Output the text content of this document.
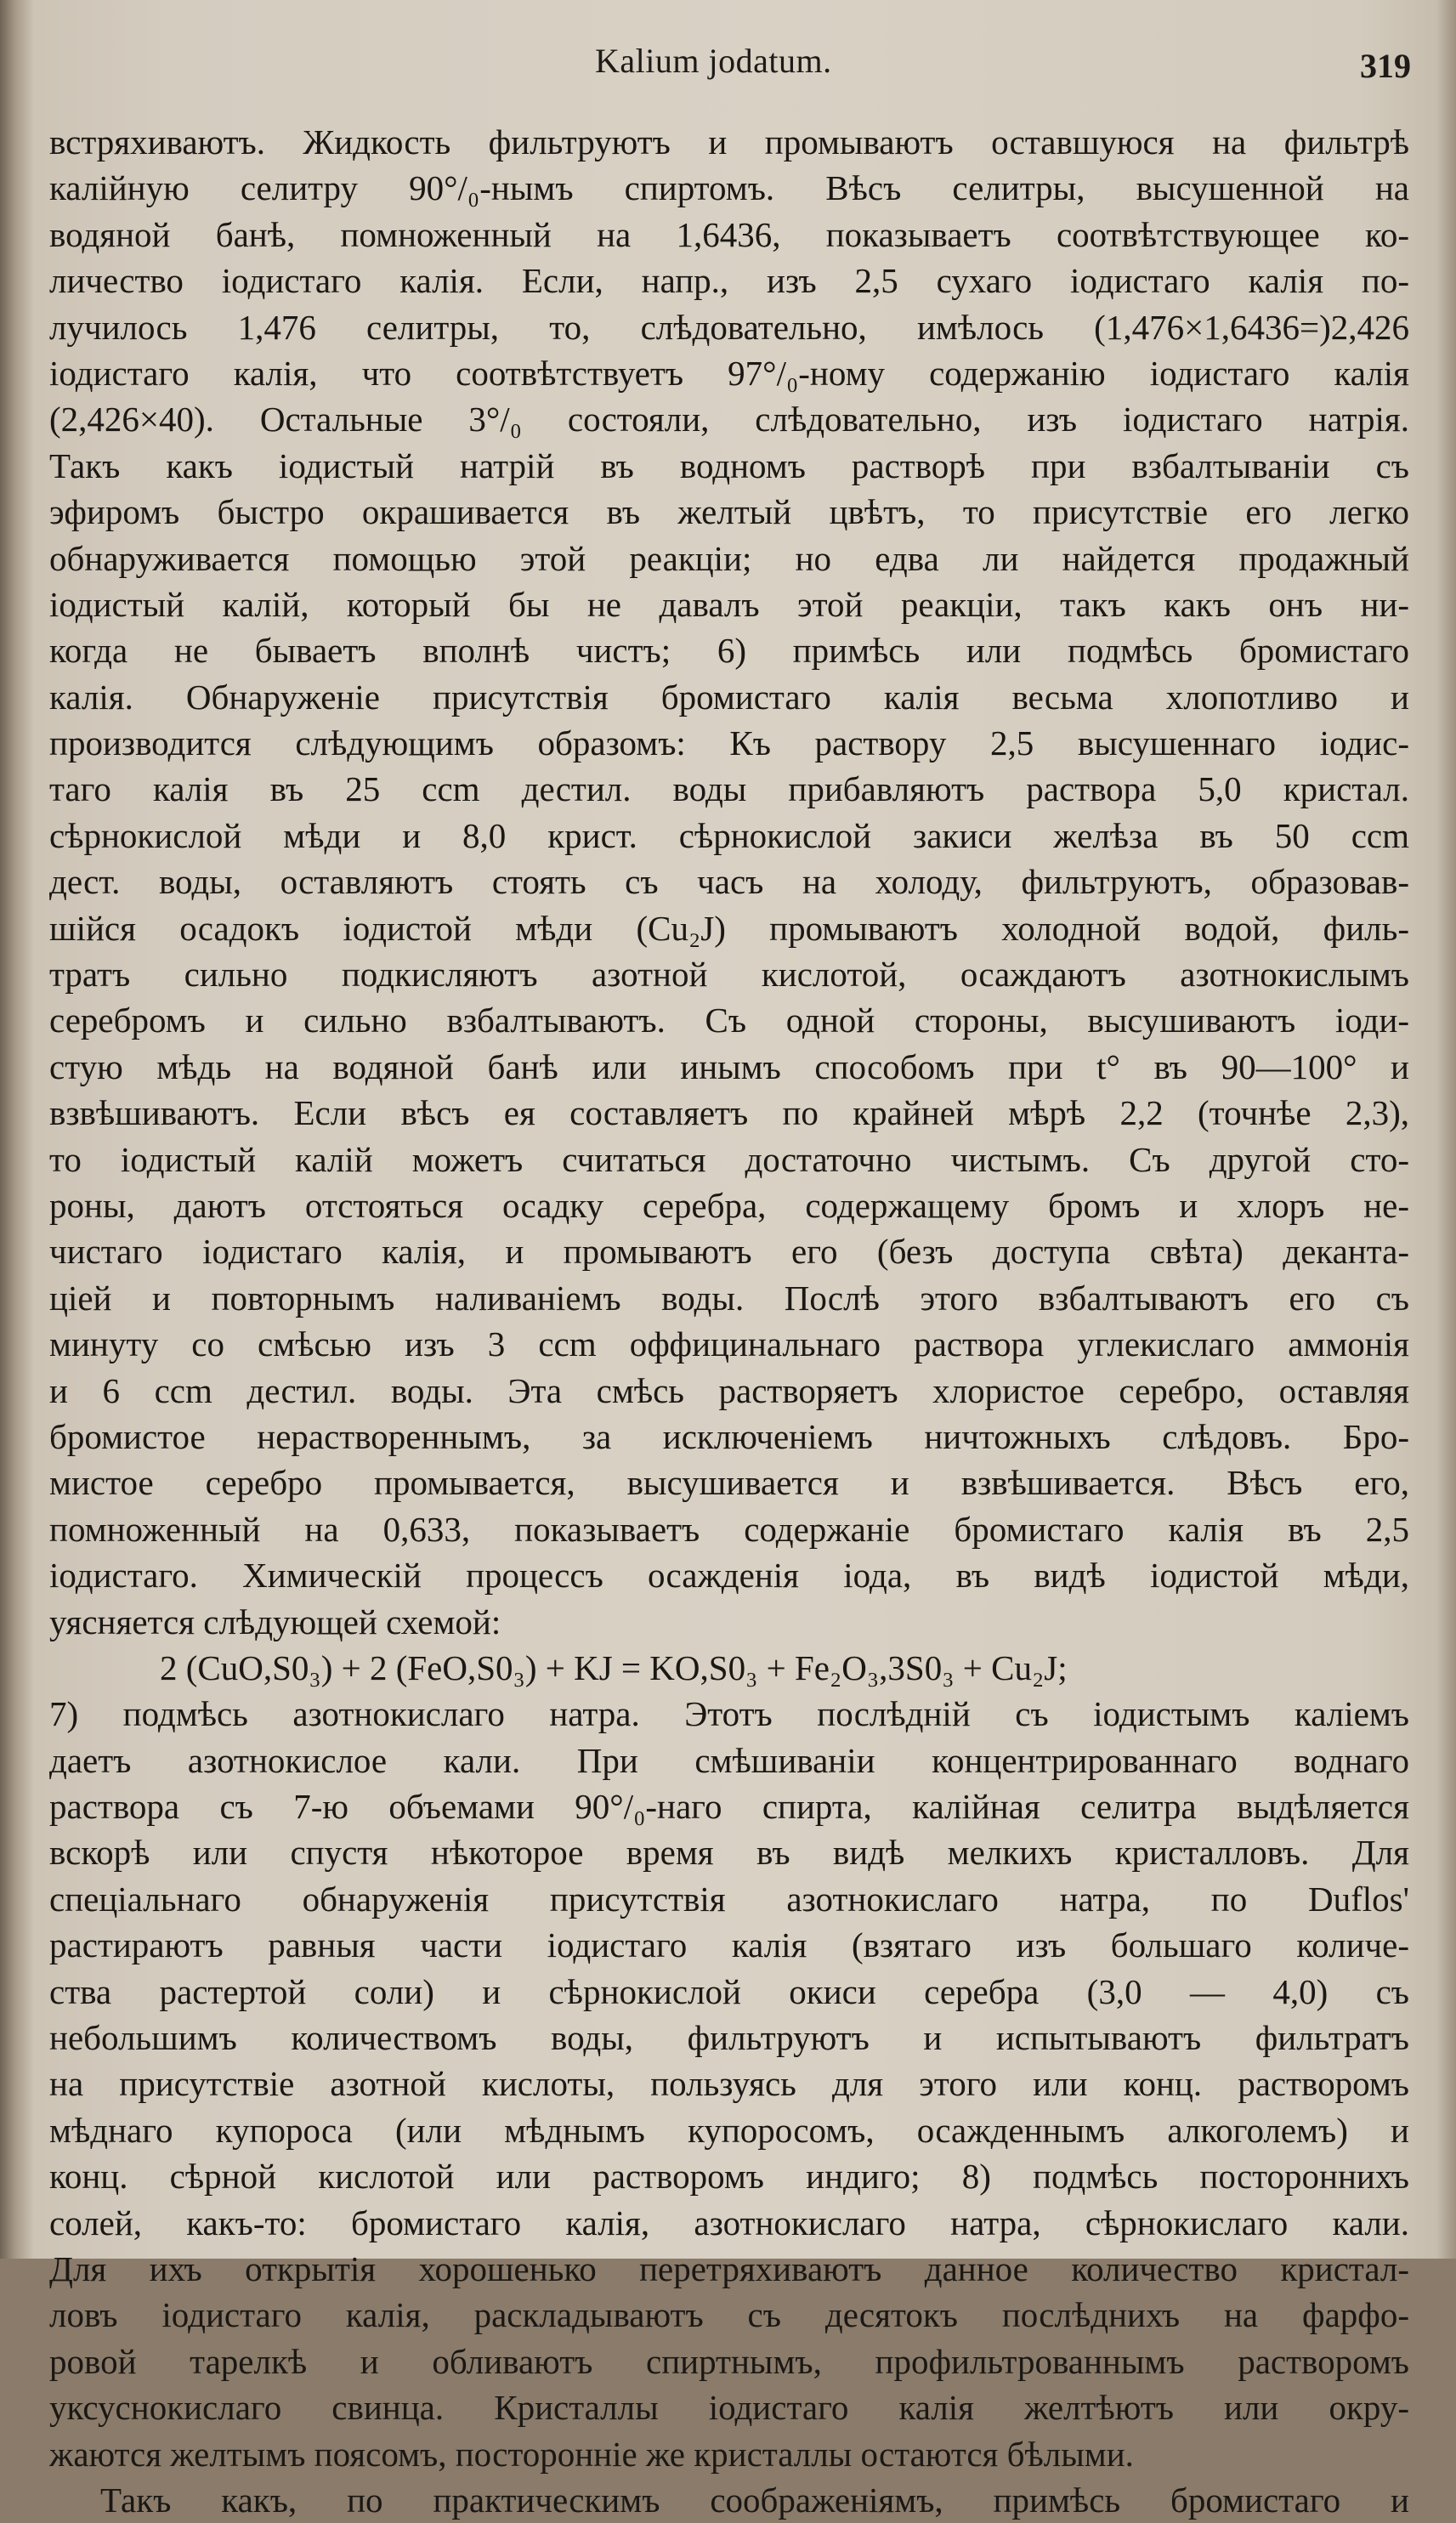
Kalium jodatum.	319
встряхиваютъ. Жидкость фильтруютъ и промываютъ оставшуюся на фильтрѣ
калійную селитру 90°/₀-нымъ спиртомъ. Вѣсъ селитры, высушенной на
водяной банѣ, помноженный на 1,6436, показываетъ соотвѣтствующее ко-
личество іодистаго калія. Если, напр., изъ 2,5 сухаго іодистаго калія по-
лучилось 1,476 селитры, то, слѣдовательно, имѣлось (1,476×1,6436=)2,426
іодистаго калія, что соотвѣтствуетъ 97°/₀-ному содержанію іодистаго калія
(2,426×40). Остальные 3°/₀ состояли, слѣдовательно, изъ іодистаго натрія.
Такъ какъ іодистый натрій въ водномъ растворѣ при взбалтываніи съ
эфиромъ быстро окрашивается въ желтый цвѣтъ, то присутствіе его легко
обнаруживается помощью этой реакціи; но едва ли найдется продажный
іодистый калій, который бы не давалъ этой реакціи, такъ какъ онъ ни-
когда не бываетъ вполнѣ чистъ; 6) примѣсь или подмѣсь бромистаго
калія. Обнаруженіе присутствія бромистаго калія весьма хлопотливо и
производится слѣдующимъ образомъ: Къ раствору 2,5 высушеннаго іодис-
таго калія въ 25 ccm дестил. воды прибавляютъ раствора 5,0 кристал.
сѣрнокислой мѣди и 8,0 крист. сѣрнокислой закиси желѣза въ 50 ccm
дест. воды, оставляютъ стоять съ часъ на холоду, фильтруютъ, образовав-
шійся осадокъ іодистой мѣди (Cu₂J) промываютъ холодной водой, филь-
тратъ сильно подкисляютъ азотной кислотой, осаждаютъ азотнокислымъ
серебромъ и сильно взбалтываютъ. Съ одной стороны, высушиваютъ іоди-
стую мѣдь на водяной банѣ или инымъ способомъ при t° въ 90—100° и
взвѣшиваютъ. Если вѣсъ ея составляетъ по крайней мѣрѣ 2,2 (точнѣе 2,3),
то іодистый калій можетъ считаться достаточно чистымъ. Съ другой сто-
роны, даютъ отстояться осадку серебра, содержащему бромъ и хлоръ не-
чистаго іодистаго калія, и промываютъ его (безъ доступа свѣта) деканта-
ціей и повторнымъ наливаніемъ воды. Послѣ этого взбалтываютъ его съ
минуту со смѣсью изъ 3 ccm оффицинальнаго раствора углекислаго аммонія
и 6 ccm дестил. воды. Эта смѣсь растворяетъ хлористое серебро, оставляя
бромистое нерастворeннымъ, за исключеніемъ ничтожныхъ слѣдовъ. Бро-
мистое серебро промывается, высушивается и взвѣшивается. Вѣсъ его,
помноженный на 0,633, показываетъ содержаніе бромистаго калія въ 2,5
іодистаго. Химическій процессъ осажденія іода, въ видѣ іодистой мѣди,
уясняется слѣдующей схемой:
2 (CuO,S0₃) + 2 (FeO,S0₃) + KJ = KO,S0₃ + Fe₂O₃,3S0₃ + Cu₂J;
7) подмѣсь азотнокислаго натра. Этотъ послѣдній съ іодистымъ каліемъ
даетъ азотнокислое кали. При смѣшиваніи концентрированнаго воднаго
раствора съ 7-ю объемами 90°/₀-наго спирта, калійная селитра выдѣляется
вскорѣ или спустя нѣкоторое время въ видѣ мелкихъ кристалловъ. Для
спеціальнаго обнаруженія присутствія азотнокислаго натра, по Duflos'
растираютъ равныя части іодистаго калія (взятаго изъ большаго количе-
ства растертой соли) и сѣрнокислой окиси серебра (3,0 — 4,0) съ
небольшимъ количествомъ воды, фильтруютъ и испытываютъ фильтратъ
на присутствіе азотной кислоты, пользуясь для этого или конц. растворомъ
мѣднаго купороса (или мѣднымъ купоросомъ, осажденнымъ алкоголемъ) и
конц. сѣрной кислотой или растворомъ индиго; 8) подмѣсь постороннихъ
солей, какъ-то: бромистаго калія, азотнокислаго натра, сѣрнокислаго кали.
Для ихъ открытія хорошенько перетряхиваютъ данное количество кристал-
ловъ іодистаго калія, раскладываютъ съ десятокъ послѣднихъ на фарфо-
ровой тарелкѣ и обливаютъ спиртнымъ, профильтрованнымъ растворомъ
уксуснокислаго свинца. Кристаллы іодистаго калія желтѣютъ или окру-
жаются желтымъ поясомъ, посторонніе же кристаллы остаются бѣлыми.
Такъ какъ, по практическимъ соображеніямъ, примѣсь бромистаго и
